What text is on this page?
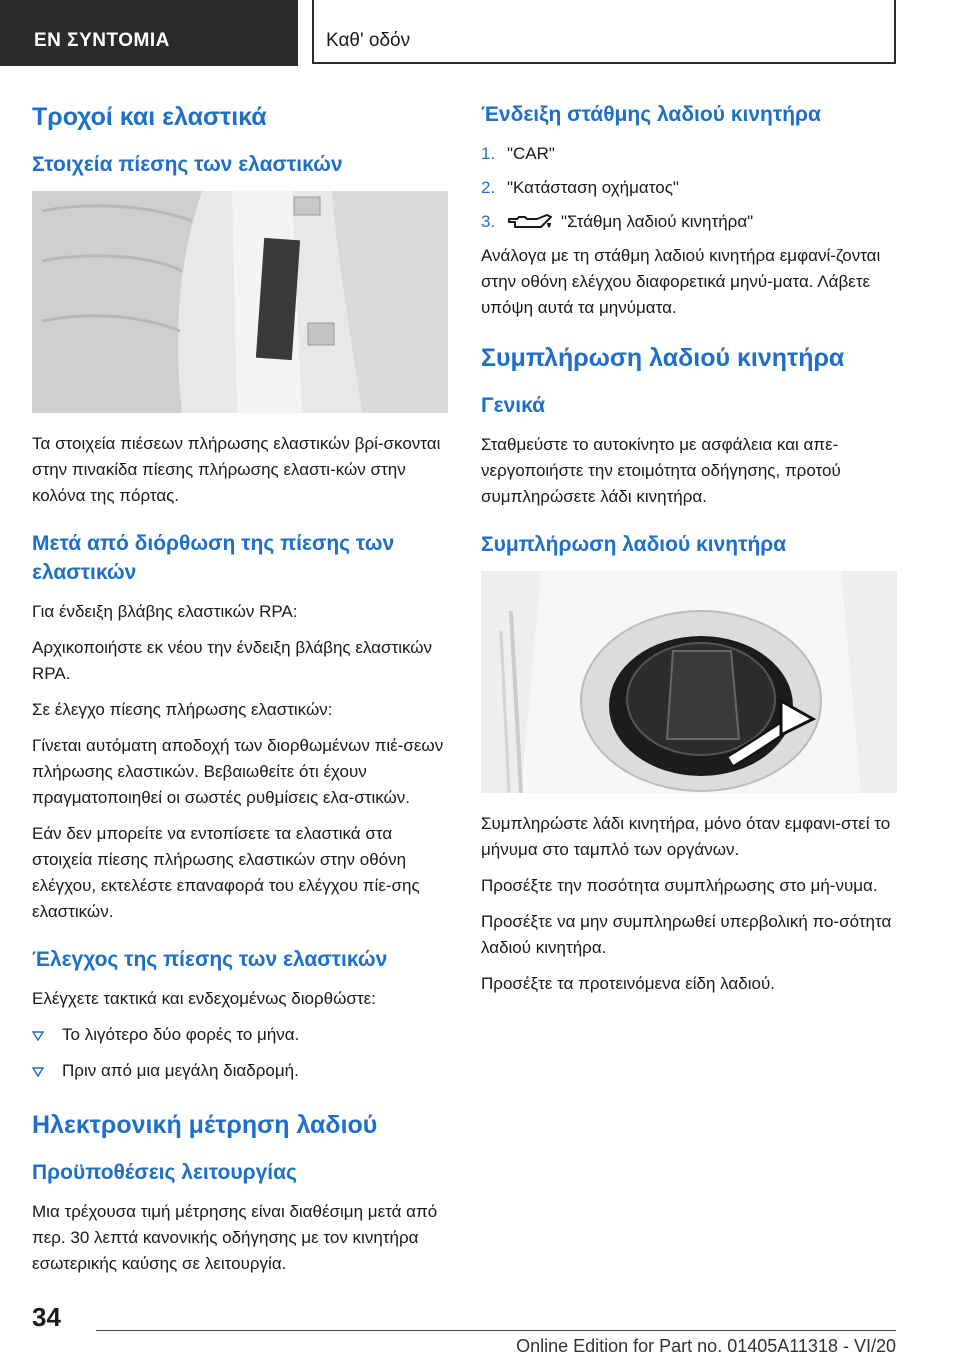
ΕΝ ΣΥΝΤΟΜΙΑ	Καθ' οδόν
Τροχοί και ελαστικά
Στοιχεία πίεσης των ελαστικών

Τα στοιχεία πιέσεων πλήρωσης ελαστικών βρί-σκονται στην πινακίδα πίεσης πλήρωσης ελαστι-κών στην κολόνα της πόρτας.

Μετά από διόρθωση της πίεσης των ελαστικών

Για ένδειξη βλάβης ελαστικών RPA:

Αρχικοποιήστε εκ νέου την ένδειξη βλάβης ελαστικών RPA.

Σε έλεγχο πίεσης πλήρωσης ελαστικών:

Γίνεται αυτόματη αποδοχή των διορθωμένων πιέ-σεων πλήρωσης ελαστικών. Βεβαιωθείτε ότι έχουν πραγματοποιηθεί οι σωστές ρυθμίσεις ελα-στικών.

Εάν δεν μπορείτε να εντοπίσετε τα ελαστικά στα στοιχεία πίεσης πλήρωσης ελαστικών στην οθόνη ελέγχου, εκτελέστε επαναφορά του ελέγχου πίε-σης ελαστικών.

Έλεγχος της πίεσης των ελαστικών

Ελέγχετε τακτικά και ενδεχομένως διορθώστε:

Το λιγότερο δύο φορές το μήνα.
Πριν από μια μεγάλη διαδρομή.
Ηλεκτρονική μέτρηση λαδιού
Προϋποθέσεις λειτουργίας

Μια τρέχουσα τιμή μέτρησης είναι διαθέσιμη μετά από περ. 30 λεπτά κανονικής οδήγησης με τον κινητήρα εσωτερικής καύσης σε λειτουργία.

Ένδειξη στάθμης λαδιού κινητήρα
1. "CAR"
2. "Κατάσταση οχήματος"
3.	"Στάθμη λαδιού κινητήρα"

Ανάλογα με τη στάθμη λαδιού κινητήρα εμφανί-ζονται στην οθόνη ελέγχου διαφορετικά μηνύ-ματα. Λάβετε υπόψη αυτά τα μηνύματα.

Συμπλήρωση λαδιού κινητήρα
Γενικά

Σταθμεύστε το αυτοκίνητο με ασφάλεια και απε-νεργοποιήστε την ετοιμότητα οδήγησης, προτού συμπληρώσετε λάδι κινητήρα.

Συμπλήρωση λαδιού κινητήρα

Συμπληρώστε λάδι κινητήρα, μόνο όταν εμφανι-στεί το μήνυμα στο ταμπλό των οργάνων.

Προσέξτε την ποσότητα συμπλήρωσης στο μή-νυμα.

Προσέξτε να μην συμπληρωθεί υπερβολική πο-σότητα λαδιού κινητήρα.

Προσέξτε τα προτεινόμενα είδη λαδιού.

34
Online Edition for Part no. 01405A11318 - VI/20
